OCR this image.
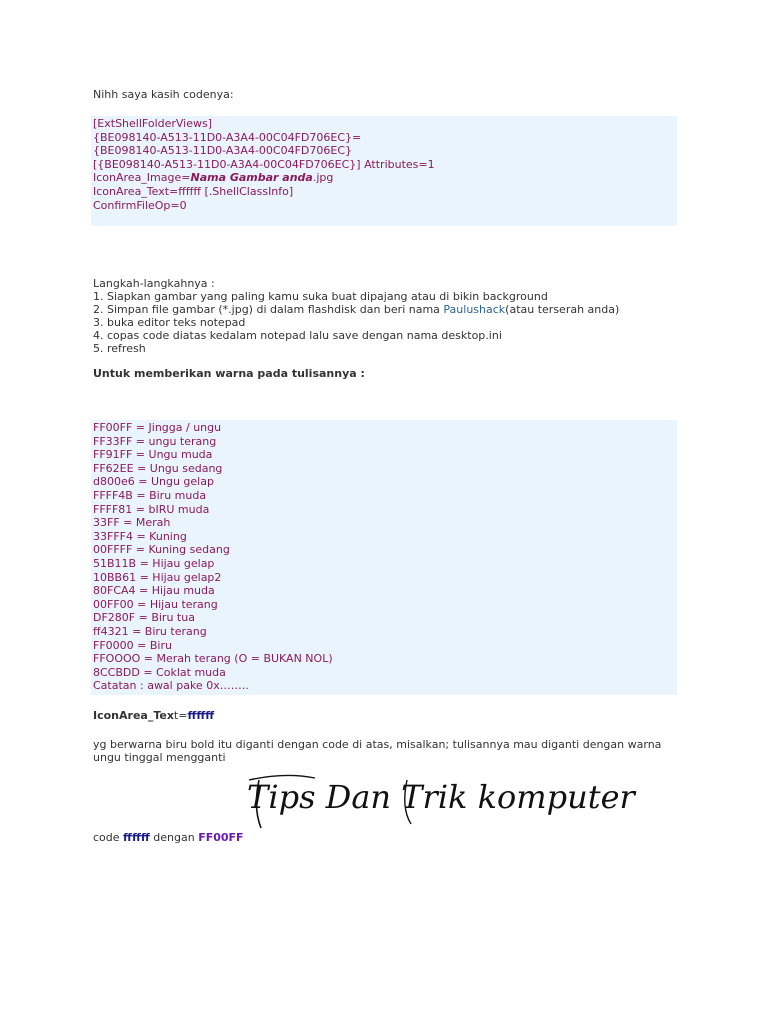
Nihh saya kasih codenya:
[ExtShellFolderViews]
{BE098140-A513-11D0-A3A4-00C04FD706EC}=
{BE098140-A513-11D0-A3A4-00C04FD706EC}
[{BE098140-A513-11D0-A3A4-00C04FD706EC}] Attributes=1
IconArea_Image=Nama Gambar anda.jpg
IconArea_Text=ffffff [.ShellClassInfo]
ConfirmFileOp=0
Langkah-langkahnya :
1. Siapkan gambar yang paling kamu suka buat dipajang atau di bikin background
2. Simpan file gambar (*.jpg) di dalam flashdisk dan beri nama Paulushack(atau terserah anda)
3. buka editor teks notepad
4. copas code diatas kedalam notepad lalu save dengan nama desktop.ini
5. refresh
Untuk memberikan warna pada tulisannya :
FF00FF = Jingga / ungu
FF33FF = ungu terang
FF91FF = Ungu muda
FF62EE = Ungu sedang
d800e6 = Ungu gelap
FFFF4B = Biru muda
FFFF81 = bIRU muda
33FF = Merah
33FFF4 = Kuning
00FFFF = Kuning sedang
51B11B = Hijau gelap
10BB61 = Hijau gelap2
80FCA4 = Hijau muda
00FF00 = Hijau terang
DF280F = Biru tua
ff4321 = Biru terang
FF0000 = Biru
FFOOOO = Merah terang (O = BUKAN NOL)
8CCBDD = Coklat muda
Catatan : awal pake 0x……..
IconArea_Text=ffffff
yg berwarna biru bold itu diganti dengan code di atas, misalkan; tulisannya mau diganti dengan warna
ungu tinggal mengganti
Tips Dan Trik komputer
code ffffff dengan FF00FF
